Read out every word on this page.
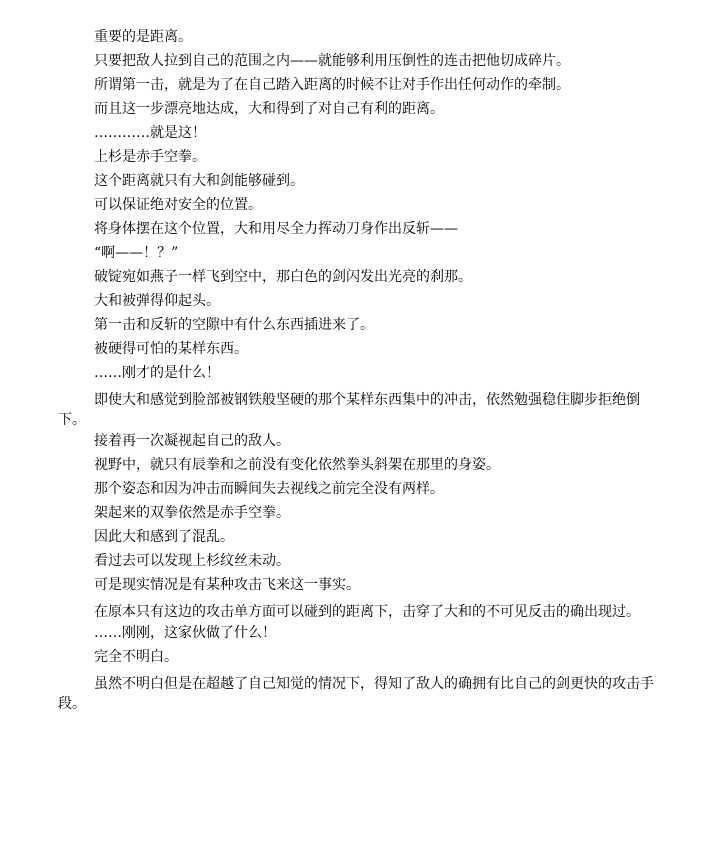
重要的是距离。

只要把敌人拉到自己的范围之内——就能够利用压倒性的连击把他切成碎片。

所谓第一击，就是为了在自己踏入距离的时候不让对手作出任何动作的牵制。

而且这一步漂亮地达成，大和得到了对自己有利的距离。

…………就是这！

上杉是赤手空拳。

这个距离就只有大和剑能够碰到。

可以保证绝对安全的位置。

将身体摆在这个位置，大和用尽全力挥动刀身作出反斩——

“啊——！？”

破锭宛如燕子一样飞到空中，那白色的剑闪发出光亮的刹那。

大和被弹得仰起头。

第一击和反斩的空隙中有什么东西插进来了。

被硬得可怕的某样东西。

……刚才的是什么！

即使大和感觉到脸部被钢铁般坚硬的那个某样东西集中的冲击，依然勉强稳住脚步拒绝倒下。

接着再一次凝视起自己的敌人。

视野中，就只有辰拳和之前没有变化依然拳头斜架在那里的身姿。

那个姿态和因为冲击而瞬间失去视线之前完全没有两样。

架起来的双拳依然是赤手空拳。

因此大和感到了混乱。

看过去可以发现上杉纹丝未动。

可是现实情况是有某种攻击飞来这一事实。

在原本只有这边的攻击单方面可以碰到的距离下，击穿了大和的不可见反击的确出现过。

……刚刚，这家伙做了什么！

完全不明白。

虽然不明白但是在超越了自己知觉的情况下，得知了敌人的确拥有比自己的剑更快的攻击手段。
